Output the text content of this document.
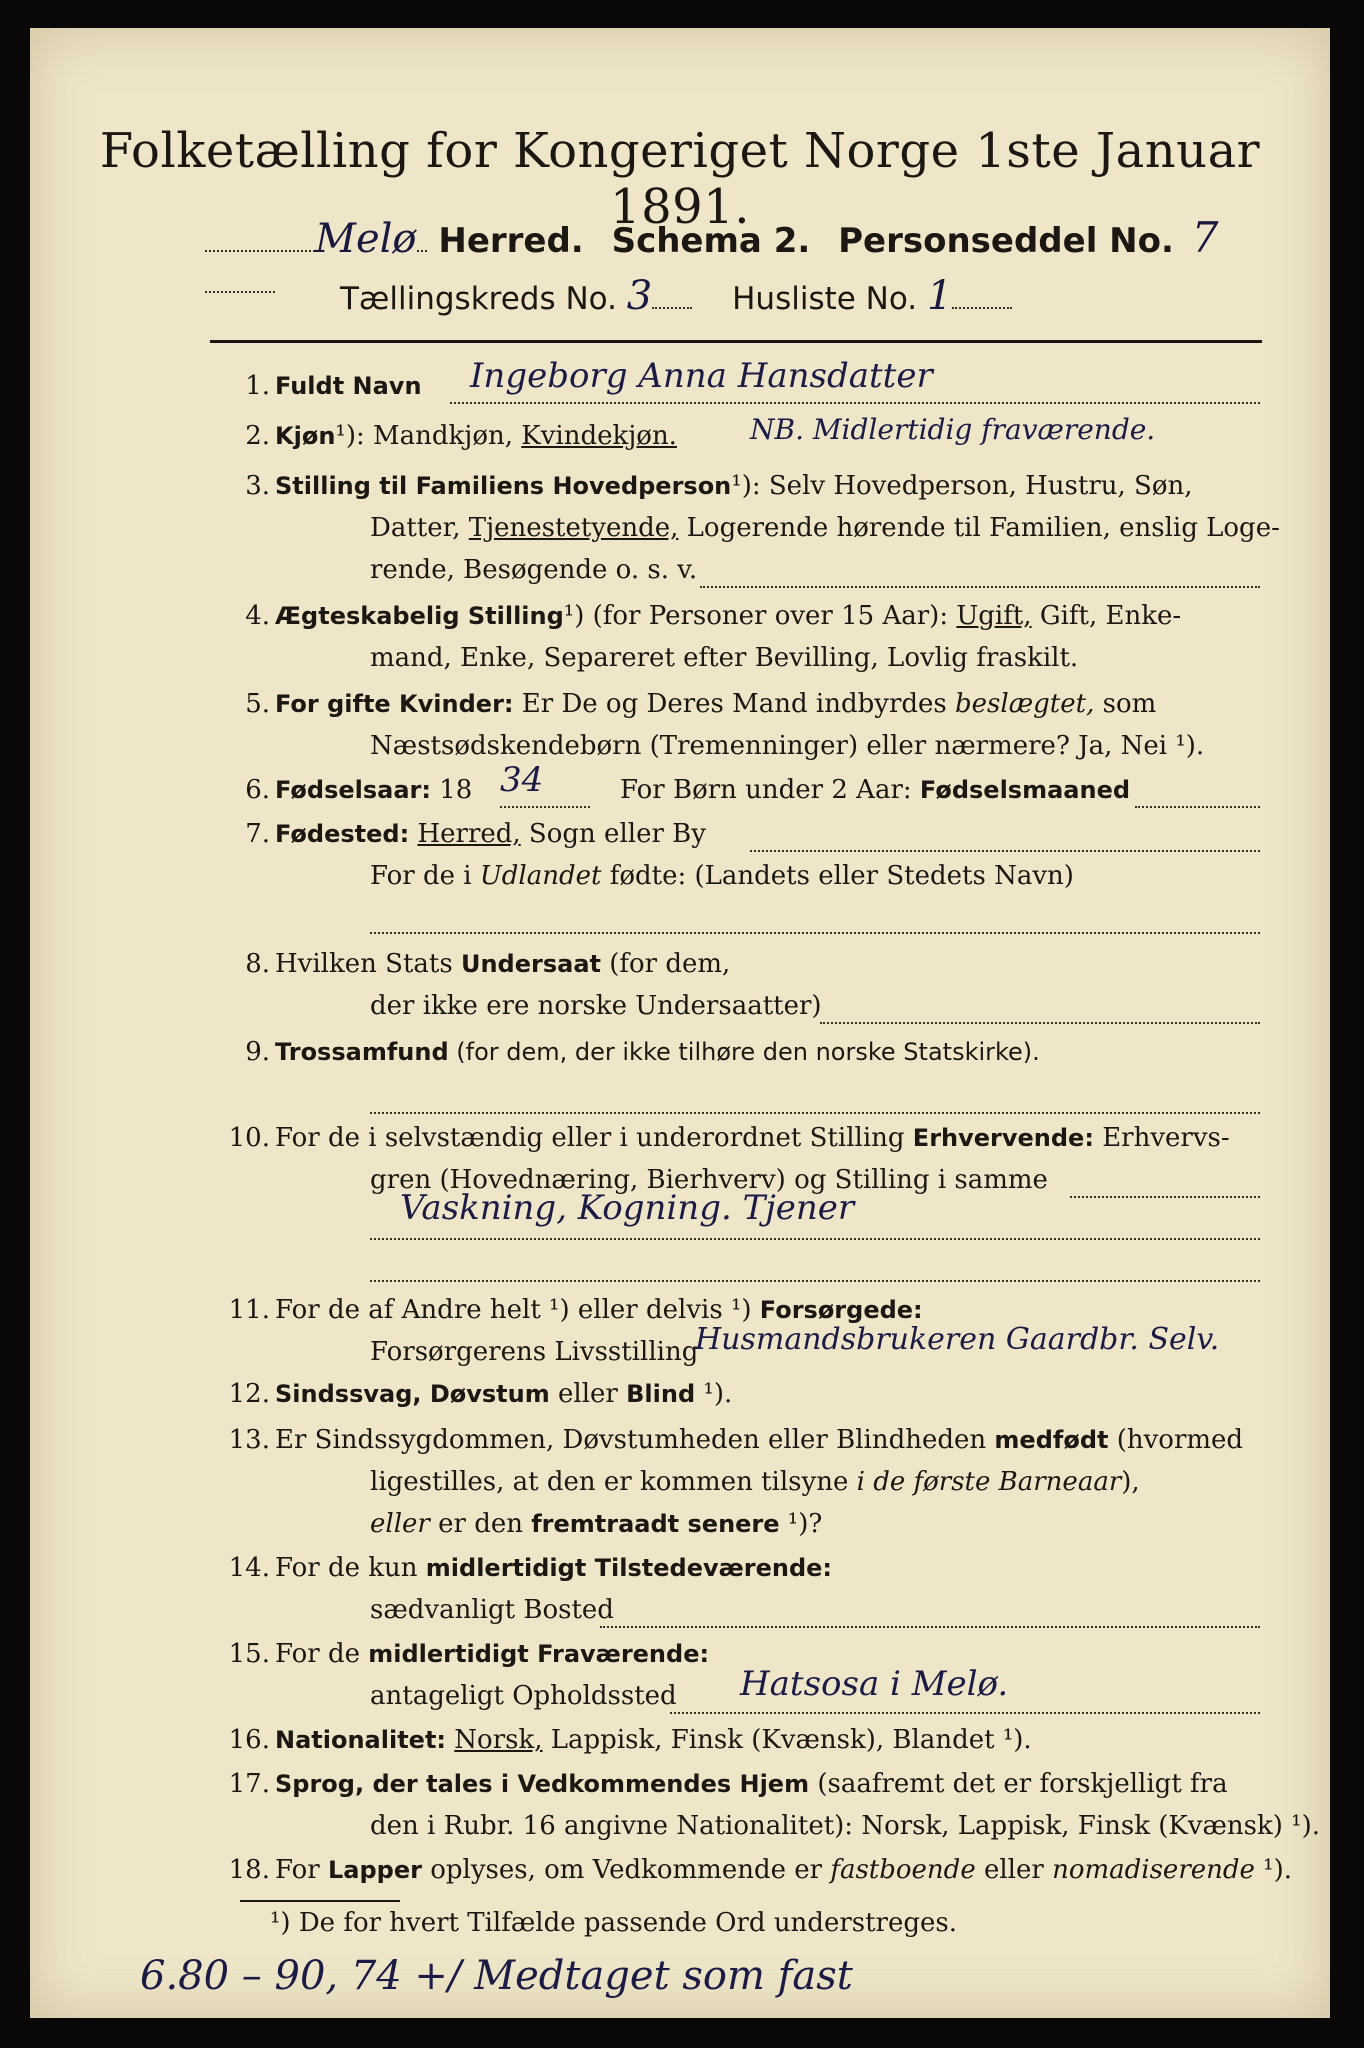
Folketælling for Kongeriget Norge 1ste Januar 1891.
Melø Herred. Schema 2. Personseddel No. 7
Tællingskreds No. 3	Husliste No. 1
1. Fuldt Navn Ingeborg Anna Hansdatter
2. Kjøn¹): Mandkjøn, Kvindekjøn.	NB. Midlertidig fraværende.
3. Stilling til Familiens Hovedperson¹): Selv Hovedperson, Hustru, Søn,
Datter, Tjenestetyende, Logerende hørende til Familien, enslig Loge-
rende, Besøgende o. s. v.
4. Ægteskabelig Stilling¹) (for Personer over 15 Aar): Ugift, Gift, Enke-
mand, Enke, Separeret efter Bevilling, Lovlig fraskilt.
5. For gifte Kvinder: Er De og Deres Mand indbyrdes beslægtet, som
Næstsødskendebørn (Tremenninger) eller nærmere? Ja, Nei ¹).
6. Fødselsaar: 18 34	For Børn under 2 Aar: Fødselsmaaned
7. Fødested: Herred, Sogn eller By
For de i Udlandet fødte: (Landets eller Stedets Navn)
8. Hvilken Stats Undersaat (for dem,
der ikke ere norske Undersaatter)
9. Trossamfund (for dem, der ikke tilhøre den norske Statskirke).
10. For de i selvstændig eller i underordnet Stilling Erhvervende: Erhvervs-
gren (Hovednæring, Bierhverv) og Stilling i samme
Vaskning, Kogning. Tjener
11. For de af Andre helt ¹) eller delvis ¹) Forsørgede:
Forsørgerens Livsstilling
Husmandsbrukeren Gaardbr. Selv.
12. Sindssvag, Døvstum eller Blind ¹).
13. Er Sindssygdommen, Døvstumheden eller Blindheden medfødt (hvormed
ligestilles, at den er kommen tilsyne i de første Barneaar),
eller er den fremtraadt senere ¹)?
14. For de kun midlertidigt Tilstedeværende:
sædvanligt Bosted
15. For de midlertidigt Fraværende:
antageligt Opholdssted Hatsosa i Melø.
16. Nationalitet: Norsk, Lappisk, Finsk (Kvænsk), Blandet ¹).
17. Sprog, der tales i Vedkommendes Hjem (saafremt det er forskjelligt fra
den i Rubr. 16 angivne Nationalitet): Norsk, Lappisk, Finsk (Kvænsk) ¹).
18. For Lapper oplyses, om Vedkommende er fastboende eller nomadiserende ¹).
¹) De for hvert Tilfælde passende Ord understreges.
6.80 – 90, 74 +/ Medtaget som fast
